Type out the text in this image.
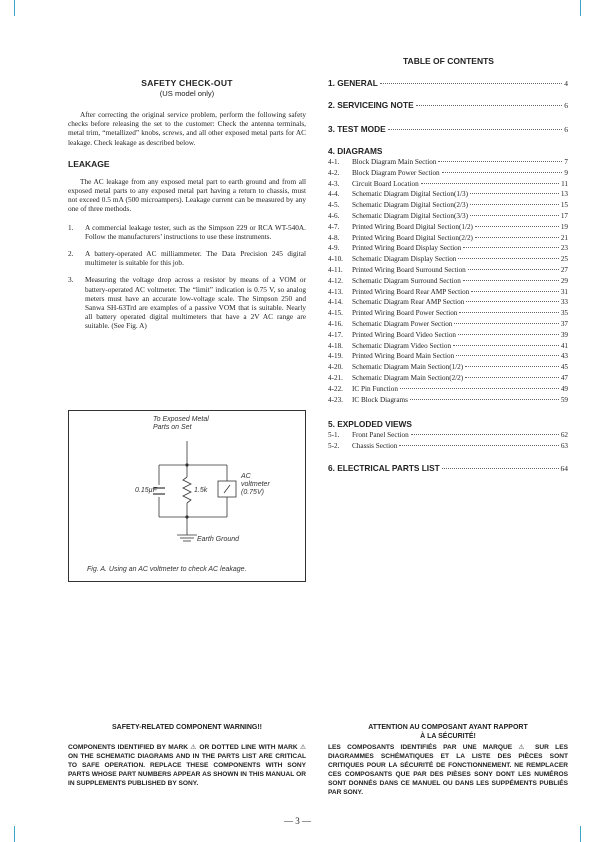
SAFETY CHECK-OUT
(US model only)
After correcting the original service problem, perform the following safety checks before releasing the set to the customer: Check the antenna terminals, metal trim, “metallized” knobs, screws, and all other exposed metal parts for AC leakage. Check leakage as described below.
LEAKAGE
The AC leakage from any exposed metal part to earth ground and from all exposed metal parts to any exposed metal part having a return to chassis, must not exceed 0.5 mA (500 microampers). Leakage current can be measured by any one of three methods.
1.	A commercial leakage tester, such as the Simpson 229 or RCA WT-540A. Follow the manufacturers’ instructions to use these instruments.
2.	A battery-operated AC milliammeter. The Data Precision 245 digital multimeter is suitable for this job.
3.	Measuring the voltage drop across a resistor by means of a VOM or battery-operated AC voltmeter. The “limit” indication is 0.75 V, so analog meters must have an accurate low-voltage scale. The Simpson 250 and Sanwa SH-63Trd are examples of a passive VOM that is suitable. Nearly all battery operated digital multimeters that have a 2V AC range are suitable. (See Fig. A)
To Exposed Metal
Parts on Set
0.15µF	1.5k
AC
voltmeter
(0.75V)
Earth Ground
Fig. A. Using an AC voltmeter to check AC leakage.
TABLE OF CONTENTS
1. GENERAL	4
2. SERVICEING NOTE	6
3. TEST MODE	6
4. DIAGRAMS
4-1. Block Diagram Main Section	7
4-2. Block Diagram Power Section	9
4-3. Circuit Board Location	11
4-4. Schematic Diagram Digital Section(1/3)	13
4-5. Schematic Diagram Digital Section(2/3)	15
4-6. Schematic Diagram Digital Section(3/3)	17
4-7. Printed Wiring Board Digital Section(1/2)	19
4-8. Printed Wiring Board Digital Section(2/2)	21
4-9. Printed Wiring Board Display Section	23
4-10. Schematic Diagram Display Section	25
4-11. Printed Wiring Board Surround Section	27
4-12. Schematic Diagram Surround Section	29
4-13. Printed Wiring Board Rear AMP Section	31
4-14. Schematic Diagram Rear AMP Section	33
4-15. Printed Wiring Board Power Section	35
4-16. Schematic Diagram Power Section	37
4-17. Printed Wiring Board Video Section	39
4-18. Schematic Diagram Video Section	41
4-19. Printed Wiring Board Main Section	43
4-20. Schematic Diagram Main Section(1/2)	45
4-21. Schematic Diagram Main Section(2/2)	47
4-22. IC Pin Function	49
4-23. IC Block Diagrams	59
5. EXPLODED VIEWS
5-1. Front Panel Section	62
5-2. Chassis Section	63
6. ELECTRICAL PARTS LIST	64
SAFETY-RELATED COMPONENT WARNING!!
COMPONENTS IDENTIFIED BY MARK ⚠ OR DOTTED LINE WITH MARK ⚠ ON THE SCHEMATIC DIAGRAMS AND IN THE PARTS LIST ARE CRITICAL TO SAFE OPERATION. REPLACE THESE COMPONENTS WITH SONY PARTS WHOSE PART NUMBERS APPEAR AS SHOWN IN THIS MANUAL OR IN SUPPLEMENTS PUBLISHED BY SONY.
ATTENTION AU COMPOSANT AYANT RAPPORT
À LA SÉCURITÉ!
LES COMPOSANTS IDENTIFIÉS PAR UNE MARQUE ⚠ SUR LES DIAGRAMMES SCHÉMATIQUES ET LA LISTE DES PIÈCES SONT CRITIQUES POUR LA SÉCURITÉ DE FONCTIONNEMENT. NE REMPLACER CES COMPOSANTS QUE PAR DES PIÈSES SONY DONT LES NUMÉROS SONT DONNÉS DANS CE MANUEL OU DANS LES SUPPÉMENTS PUBLIÉS PAR SONY.
— 3 —
